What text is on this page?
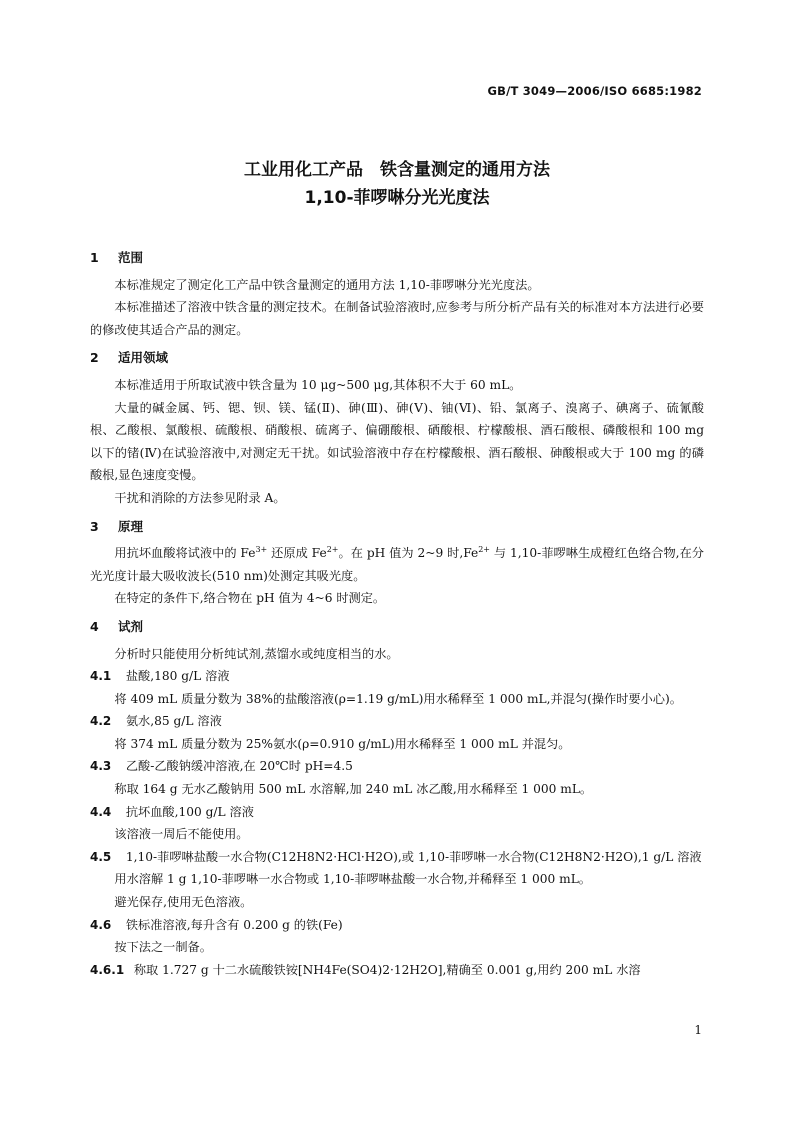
GB/T 3049—2006/ISO 6685:1982
工业用化工产品　铁含量测定的通用方法
1,10-菲啰啉分光光度法
1 范围

本标准规定了测定化工产品中铁含量测定的通用方法 1,10-菲啰啉分光光度法。

本标准描述了溶液中铁含量的测定技术。在制备试验溶液时,应参考与所分析产品有关的标准对本方法进行必要的修改使其适合产品的测定。

2 适用领域

本标准适用于所取试液中铁含量为 10 μg~500 μg,其体积不大于 60 mL。

大量的碱金属、钙、锶、钡、镁、锰(Ⅱ)、砷(Ⅲ)、砷(Ⅴ)、铀(Ⅵ)、铅、氯离子、溴离子、碘离子、硫氰酸根、乙酸根、氯酸根、硫酸根、硝酸根、硫离子、偏硼酸根、硒酸根、柠檬酸根、酒石酸根、磷酸根和 100 mg 以下的锗(Ⅳ)在试验溶液中,对测定无干扰。如试验溶液中存在柠檬酸根、酒石酸根、砷酸根或大于 100 mg 的磷酸根,显色速度变慢。

干扰和消除的方法参见附录 A。

3 原理

用抗坏血酸将试液中的 $Fe^{3+}$ 还原成 $Fe^{2+}$。在 pH 值为 2~9 时$,Fe^{2+}$ 与 1,10-菲啰啉生成橙红色络合物,在分光光度计最大吸收波长(510 nm)处测定其吸光度。

在特定的条件下,络合物在 pH 值为 4~6 时测定。

4 试剂

分析时只能使用分析纯试剂,蒸馏水或纯度相当的水。

4.1 盐酸,180 g/L 溶液

将 409 mL 质量分数为 38%的盐酸溶液(ρ=1.19 g/mL)用水稀释至 1 000 mL,并混匀(操作时要小心)。

4.2 氨水,85 g/L 溶液

将 374 mL 质量分数为 25%氨水(ρ=0.910 g/mL)用水稀释至 1 000 mL 并混匀。

4.3 乙酸-乙酸钠缓冲溶液,在 20℃时 pH=4.5

称取 164 g 无水乙酸钠用 500 mL 水溶解,加 240 mL 冰乙酸,用水稀释至 1 000 mL。

4.4 抗坏血酸,100 g/L 溶液

该溶液一周后不能使用。

4.5 1,10-菲啰啉盐酸一水合物(C12H8N2·HCl·H2O),或 1,10-菲啰啉一水合物(C12H8N2·H2O),1 g/L 溶液

用水溶解 1 g 1,10-菲啰啉一水合物或 1,10-菲啰啉盐酸一水合物,并稀释至 1 000 mL。

避光保存,使用无色溶液。

4.6 铁标准溶液,每升含有 0.200 g 的铁(Fe)

按下法之一制备。

4.6.1 称取 1.727 g 十二水硫酸铁铵[NH4Fe(SO4)2·12H2O],精确至 0.001 g,用约 200 mL 水溶

1
